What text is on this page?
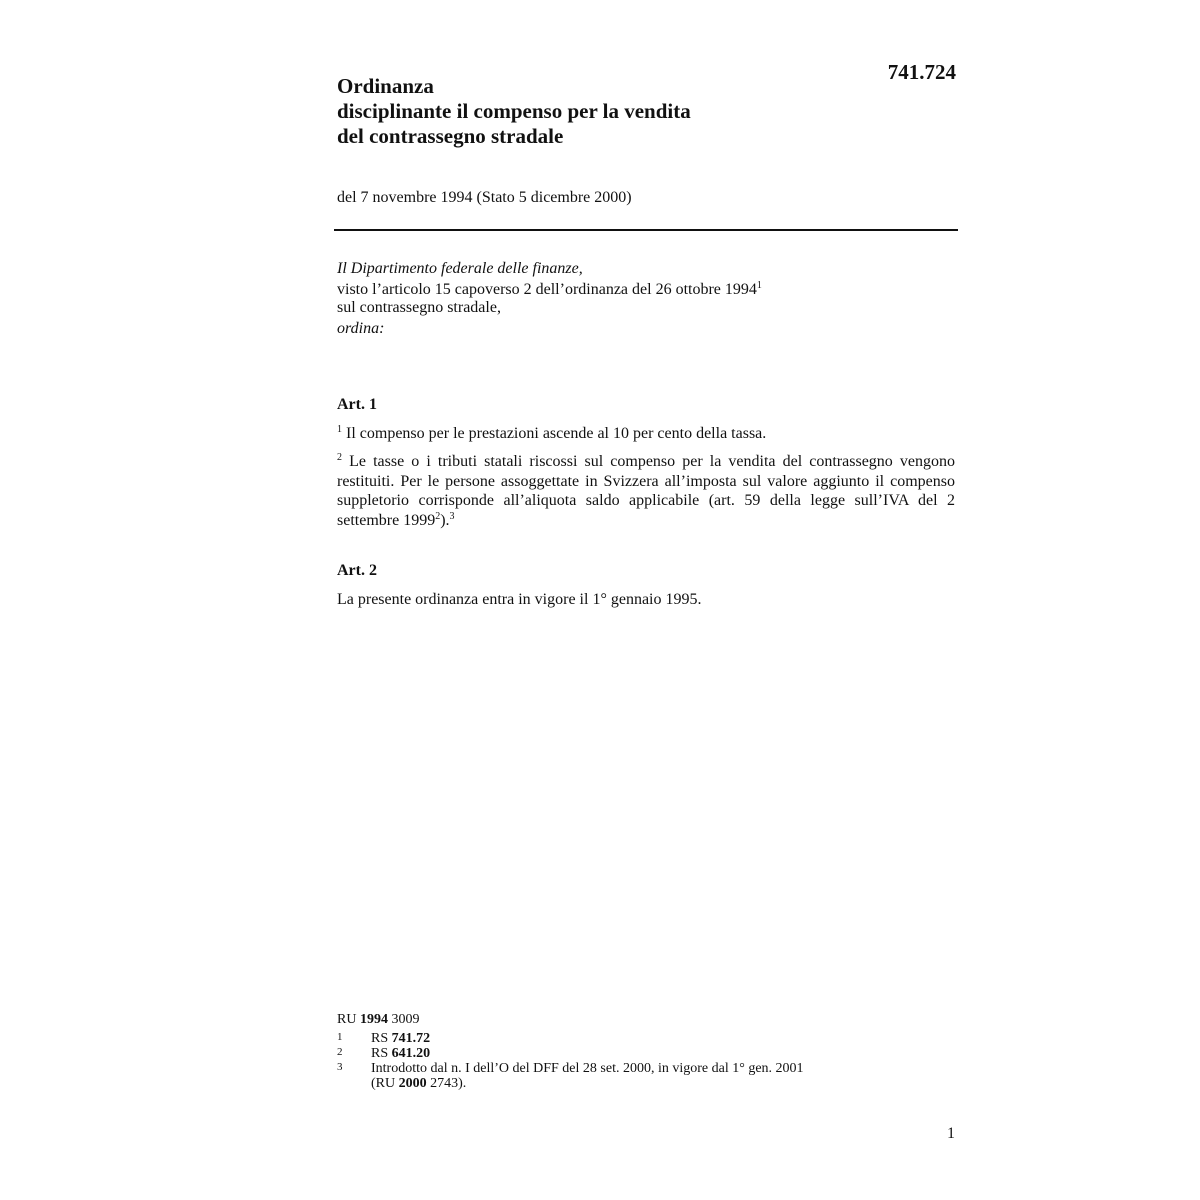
741.724
Ordinanza
disciplinante il compenso per la vendita
del contrassegno stradale
del 7 novembre 1994 (Stato 5 dicembre 2000)
Il Dipartimento federale delle finanze,
visto l’articolo 15 capoverso 2 dell’ordinanza del 26 ottobre 1994$^1$
sul contrassegno stradale,
ordina:
Art. 1
$^1$ Il compenso per le prestazioni ascende al 10 per cento della tassa.
$^2$ Le tasse o i tributi statali riscossi sul compenso per la vendita del contrassegno vengono restituiti. Per le persone assoggettate in Svizzera all’imposta sul valore aggiunto il compenso suppletorio corrisponde all’aliquota saldo applicabile (art. 59 della legge sull’IVA del 2 settembre 1999$^2$).$^3$
Art. 2
La presente ordinanza entra in vigore il 1° gennaio 1995.
RU 1994 3009
1	RS 741.72
2	RS 641.20
3	Introdotto dal n. I dell’O del DFF del 28 set. 2000, in vigore dal 1° gen. 2001
(RU 2000 2743).
1
